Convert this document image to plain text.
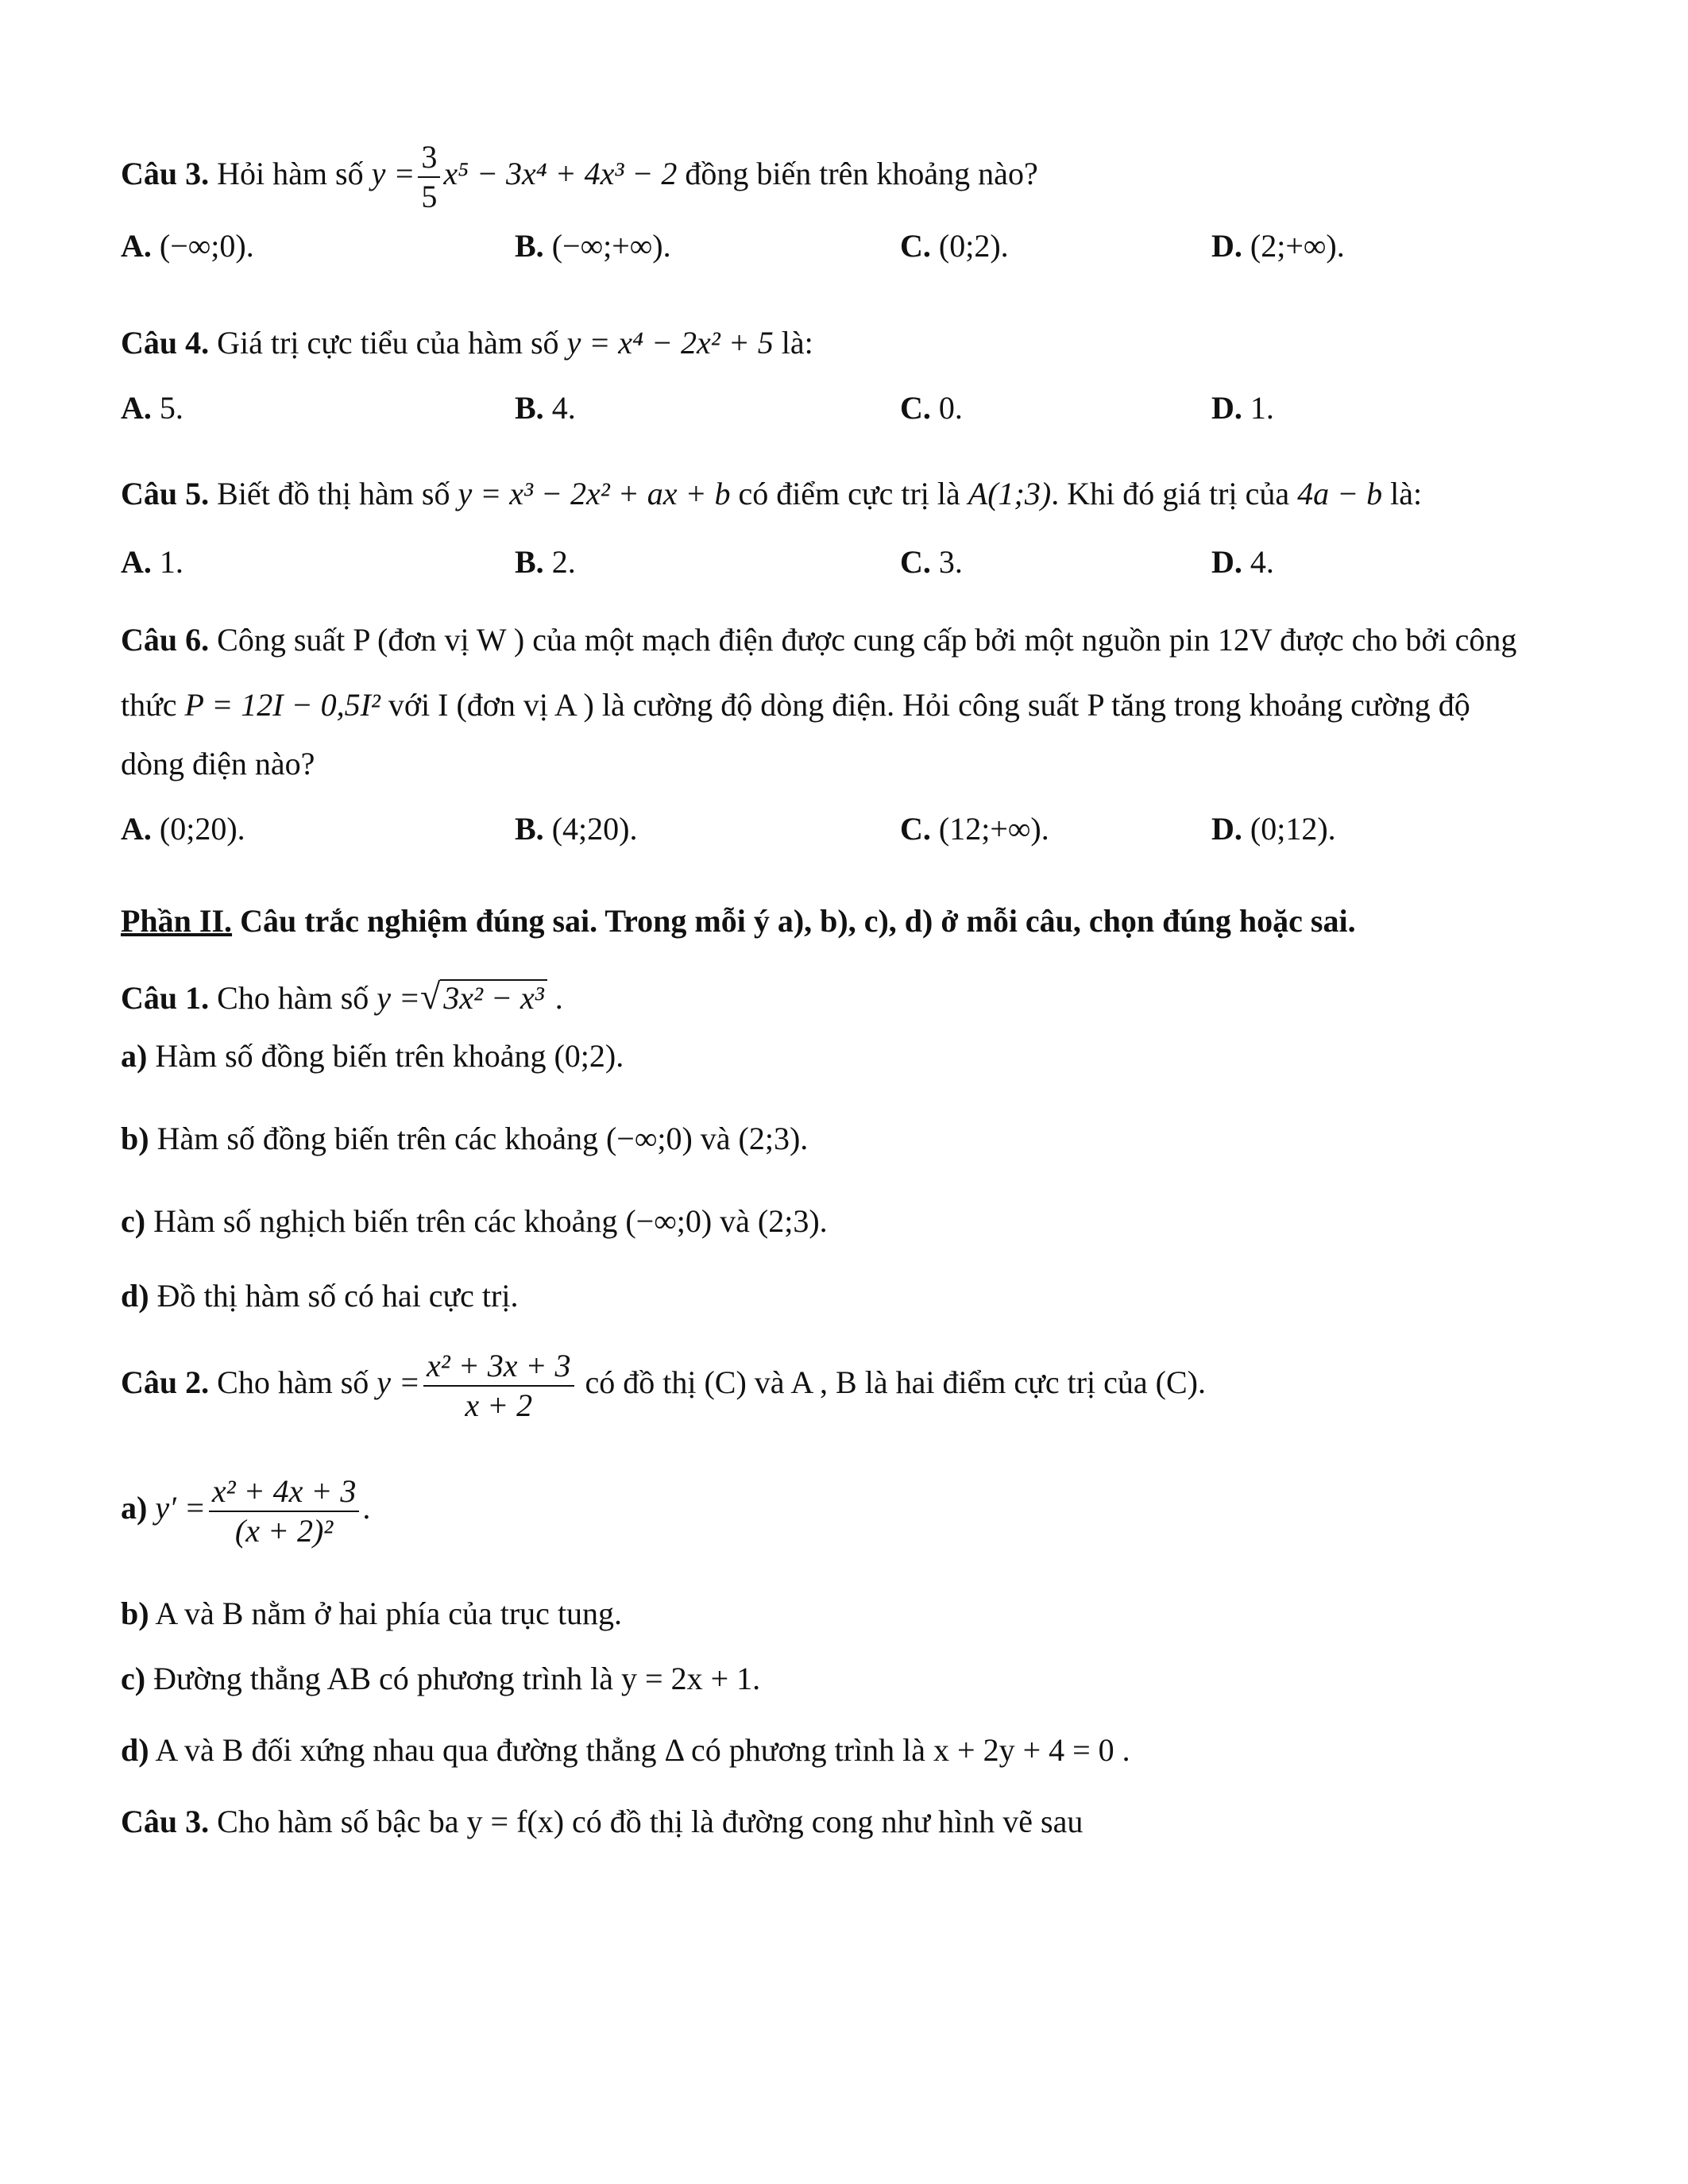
Câu 3. Hỏi hàm số $y = \frac{3}{5} x^5 - 3x^4 + 4x^3 - 2$ đồng biến trên khoảng nào?
A. (−∞;0).	B. (−∞;+∞).	C. (0;2).	D. (2;+∞).
Câu 4. Giá trị cực tiểu của hàm số y = x⁴ − 2x² + 5 là:
A. 5.	B. 4.	C. 0.	D. 1.
Câu 5. Biết đồ thị hàm số y = x³ − 2x² + ax + b có điểm cực trị là A(1;3). Khi đó giá trị của 4a − b là:
A. 1.	B. 2.	C. 3.	D. 4.
Câu 6. Công suất P (đơn vị W ) của một mạch điện được cung cấp bởi một nguồn pin 12V được cho bởi công
thức P = 12I − 0,5I² với I (đơn vị A ) là cường độ dòng điện. Hỏi công suất P tăng trong khoảng cường độ
dòng điện nào?
A. (0;20).	B. (4;20).	C. (12;+∞).	D. (0;12).
Phần II. Câu trắc nghiệm đúng sai. Trong mỗi ý a), b), c), d) ở mỗi câu, chọn đúng hoặc sai.
Câu 1. Cho hàm số y =√ 3x² − x³ .
a) Hàm số đồng biến trên khoảng (0;2).
b) Hàm số đồng biến trên các khoảng (−∞;0) và (2;3).
c) Hàm số nghịch biến trên các khoảng (−∞;0) và (2;3).
d) Đồ thị hàm số có hai cực trị.
Câu 2. Cho hàm số $y = \frac{\text{x² + 3x + 3}}{x + 2}$ có đồ thị (C) và A , B là hai điểm cực trị của (C).
a) $y' = \frac{\text{x² + 4x + 3}}{\text{(x + 2)²}}$ .
b) A và B nằm ở hai phía của trục tung.
c) Đường thẳng AB có phương trình là y = 2x + 1.
d) A và B đối xứng nhau qua đường thẳng Δ có phương trình là x + 2y + 4 = 0 .
Câu 3. Cho hàm số bậc ba y = f(x) có đồ thị là đường cong như hình vẽ sau
